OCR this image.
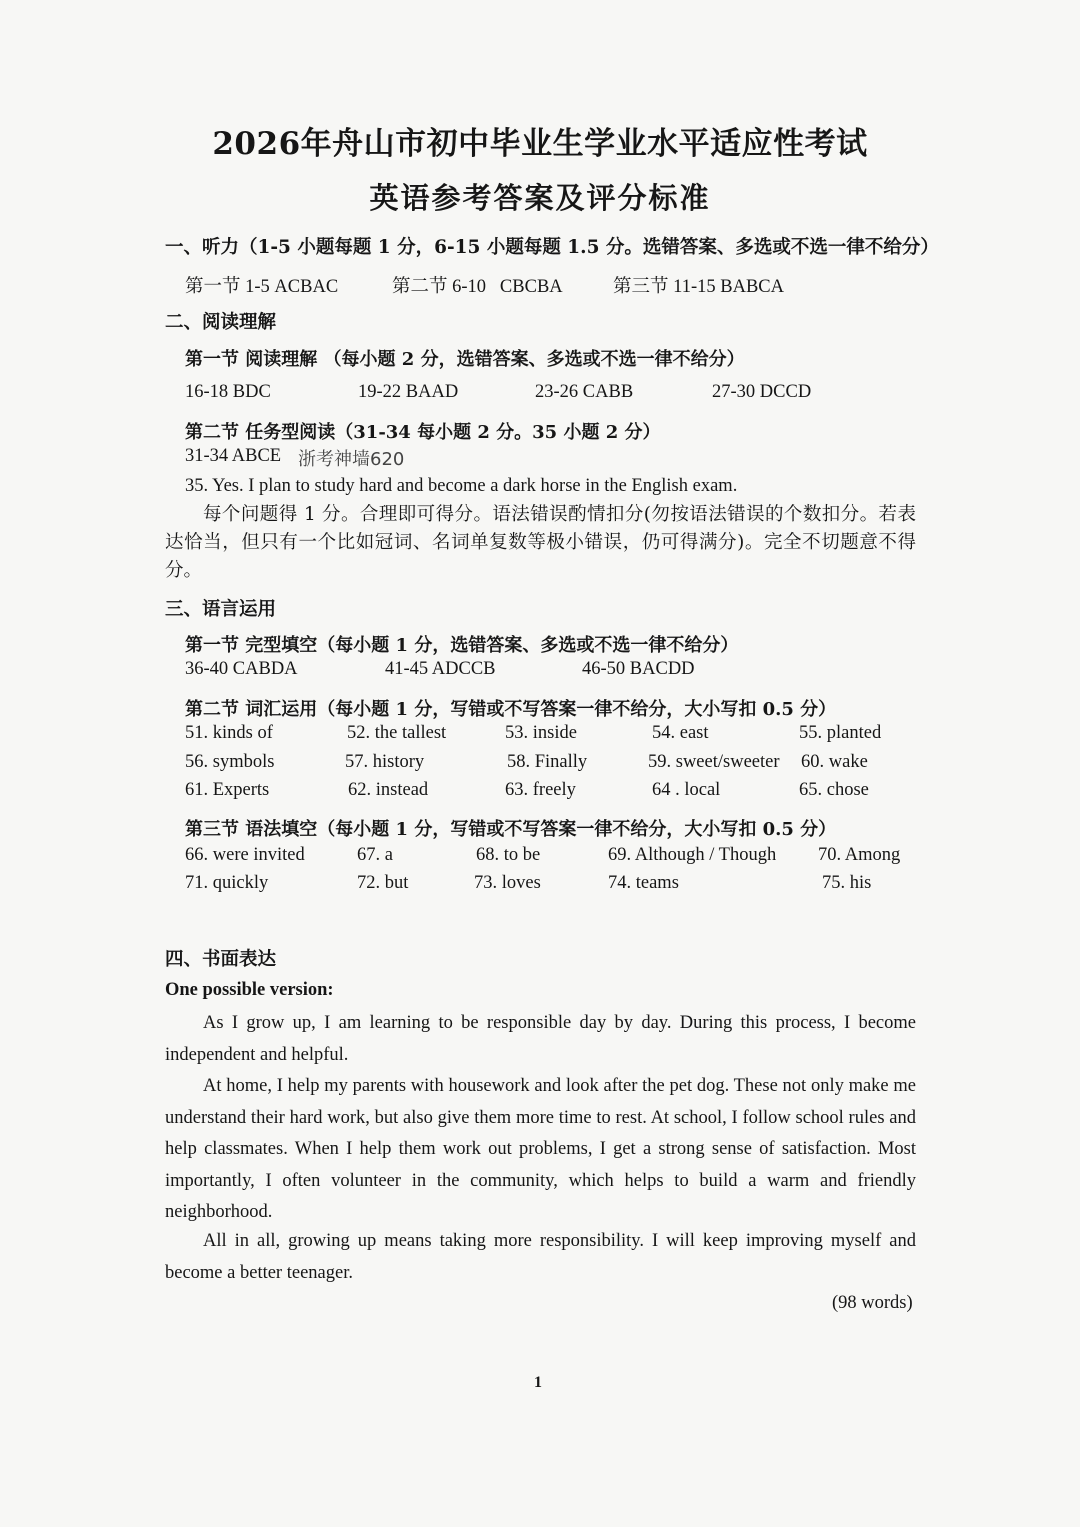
2026年舟山市初中毕业生学业水平适应性考试
英语参考答案及评分标准
一、听力（1-5 小题每题 1 分，6-15 小题每题 1.5 分。选错答案、多选或不选一律不给分）
第一节 1-5 ACBAC	第二节 6-10   CBCBA	第三节 11-15 BABCA
二、阅读理解
第一节 阅读理解 （每小题 2 分，选错答案、多选或不选一律不给分）
16-18 BDC	19-22 BAAD	23-26 CABB	27-30 DCCD
第二节 任务型阅读（31-34 每小题 2 分。35 小题 2 分）
31-34 ABCE 浙考神墙620
35. Yes. I plan to study hard and become a dark horse in the English exam.

每个问题得 1 分。合理即可得分。语法错误酌情扣分(勿按语法错误的个数扣分。若表达恰当，但只有一个比如冠词、名词单复数等极小错误，仍可得满分)。完全不切题意不得分。

三、语言运用
第一节 完型填空（每小题 1 分，选错答案、多选或不选一律不给分）
36-40 CABDA	41-45 ADCCB	46-50 BACDD
第二节 词汇运用（每小题 1 分，写错或不写答案一律不给分，大小写扣 0.5 分）
51. kinds of	52. the tallest	53. inside	54. east	55. planted
56. symbols	57. history	58. Finally	59. sweet/sweeter 60. wake
61. Experts	62. instead	63. freely	64 . local	65. chose
第三节 语法填空（每小题 1 分，写错或不写答案一律不给分，大小写扣 0.5 分）
66. were invited	67. a	68. to be	69. Although / Though 70. Among
71. quickly	72. but	73. loves	74. teams	75. his
四、书面表达
One possible version:

As I grow up, I am learning to be responsible day by day. During this process, I become independent and helpful.

At home, I help my parents with housework and look after the pet dog. These not only make me understand their hard work, but also give them more time to rest. At school, I follow school rules and help classmates. When I help them work out problems, I get a strong sense of satisfaction. Most importantly, I often volunteer in the community, which helps to build a warm and friendly neighborhood.

All in all, growing up means taking more responsibility. I will keep improving myself and become a better teenager.

(98 words)
1
